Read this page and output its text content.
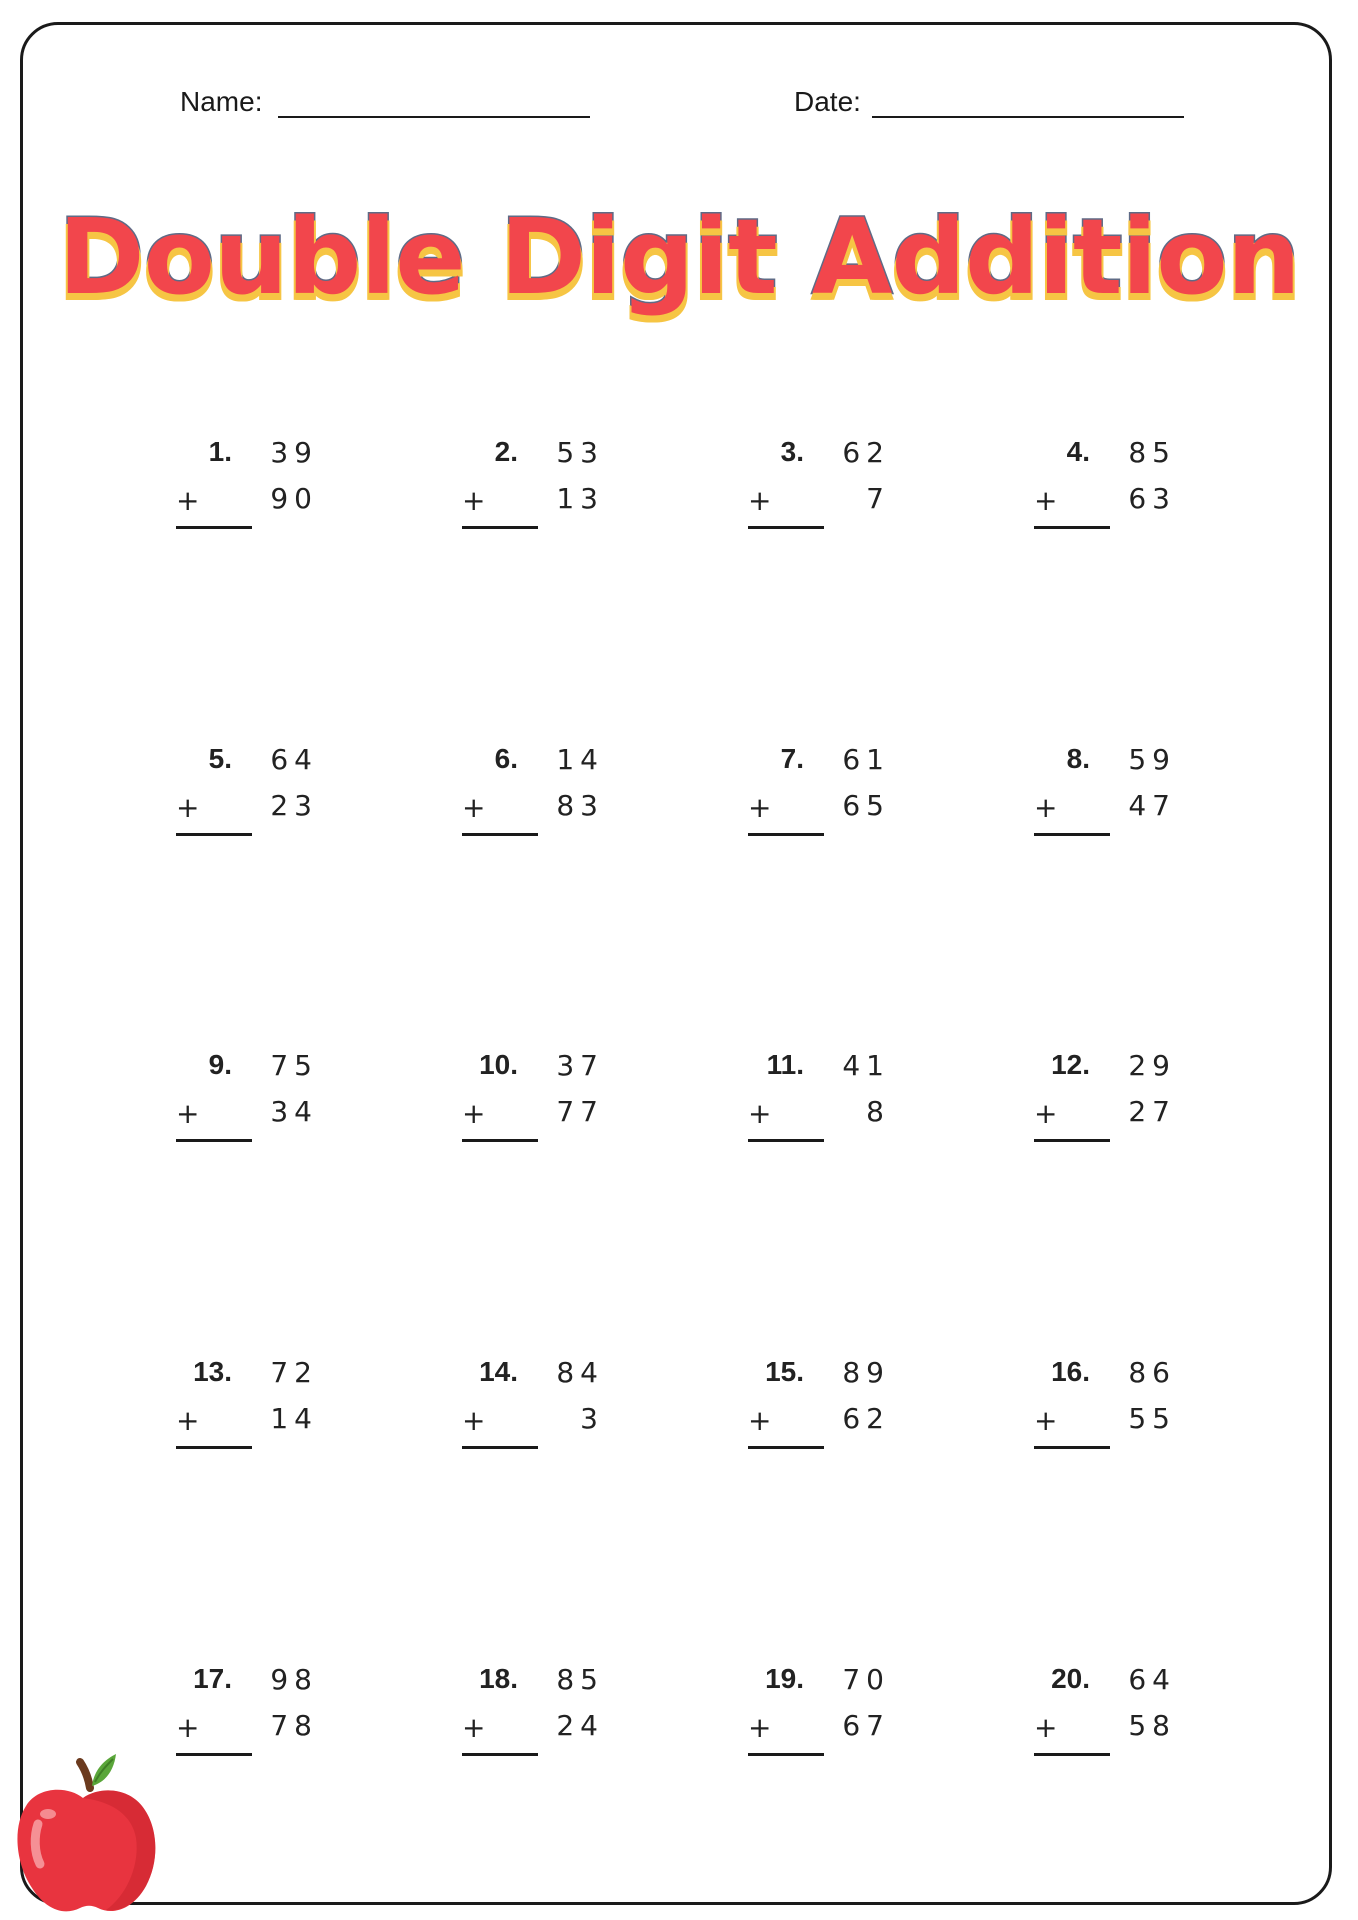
Name:	Date:
Double Digit Addition
1. 39
+	90
2. 53
+	13
3. 62
+	7
4. 85
+	63
5. 64
+	23
6. 14
+	83
7. 61
+	65
8. 59
+	47
9. 75
+	34
10. 37
+	77
11. 41
+	8
12. 29
+	27
13. 72
+	14
14. 84
+	3
15. 89
+	62
16. 86
+	55
17. 98
+	78
18. 85
+	24
19. 70
+	67
20. 64
+	58
